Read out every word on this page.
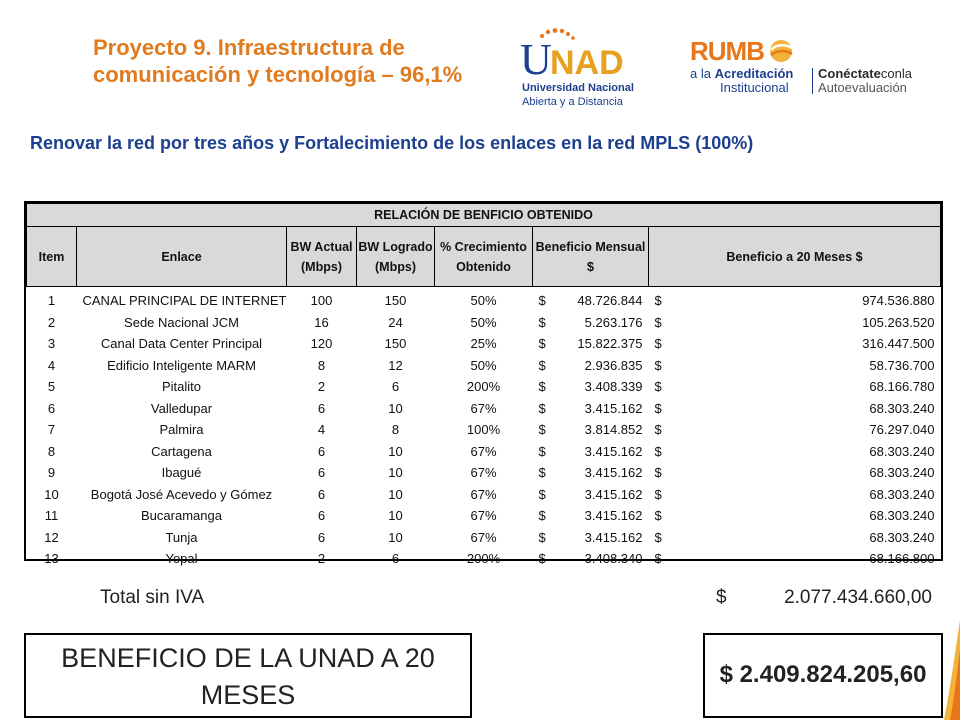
Proyecto 9. Infraestructura de comunicación y tecnología – 96,1%	U
NAD
Universidad Nacional
Abierta y a Distancia
RUMB
a la Acreditación
Institucional
Conéctateconla
Autoevaluación
Renovar la red por tres años y Fortalecimiento de los enlaces en la red MPLS (100%)
RELACIÓN DE BENFICIO OBTENIDO								
Item	Enlace	BW Actual (Mbps)	BW Logrado (Mbps)	% Crecimiento Obtenido	Beneficio Mensual $		Beneficio a 20 Meses $	
1	CANAL PRINCIPAL DE INTERNET	100	150	50%	$	48.726.844	$	974.536.880
2	Sede Nacional JCM	16	24	50%	$	5.263.176	$	105.263.520
3	Canal Data Center Principal	120	150	25%	$	15.822.375	$	316.447.500
4	Edificio Inteligente MARM	8	12	50%	$	2.936.835	$	58.736.700
5	Pitalito	2	6	200%	$	3.408.339	$	68.166.780
6	Valledupar	6	10	67%	$	3.415.162	$	68.303.240
7	Palmira	4	8	100%	$	3.814.852	$	76.297.040
8	Cartagena	6	10	67%	$	3.415.162	$	68.303.240
9	Ibagué	6	10	67%	$	3.415.162	$	68.303.240
10	Bogotá José Acevedo y Gómez	6	10	67%	$	3.415.162	$	68.303.240
11	Bucaramanga	6	10	67%	$	3.415.162	$	68.303.240
12	Tunja	6	10	67%	$	3.415.162	$	68.303.240
13	Yopal	2	6	200%	$	3.408.340	$	68.166.800
Total sin IVA	$	2.077.434.660,00
BENEFICIO DE LA UNAD A 20 MESES
$ 2.409.824.205,60
